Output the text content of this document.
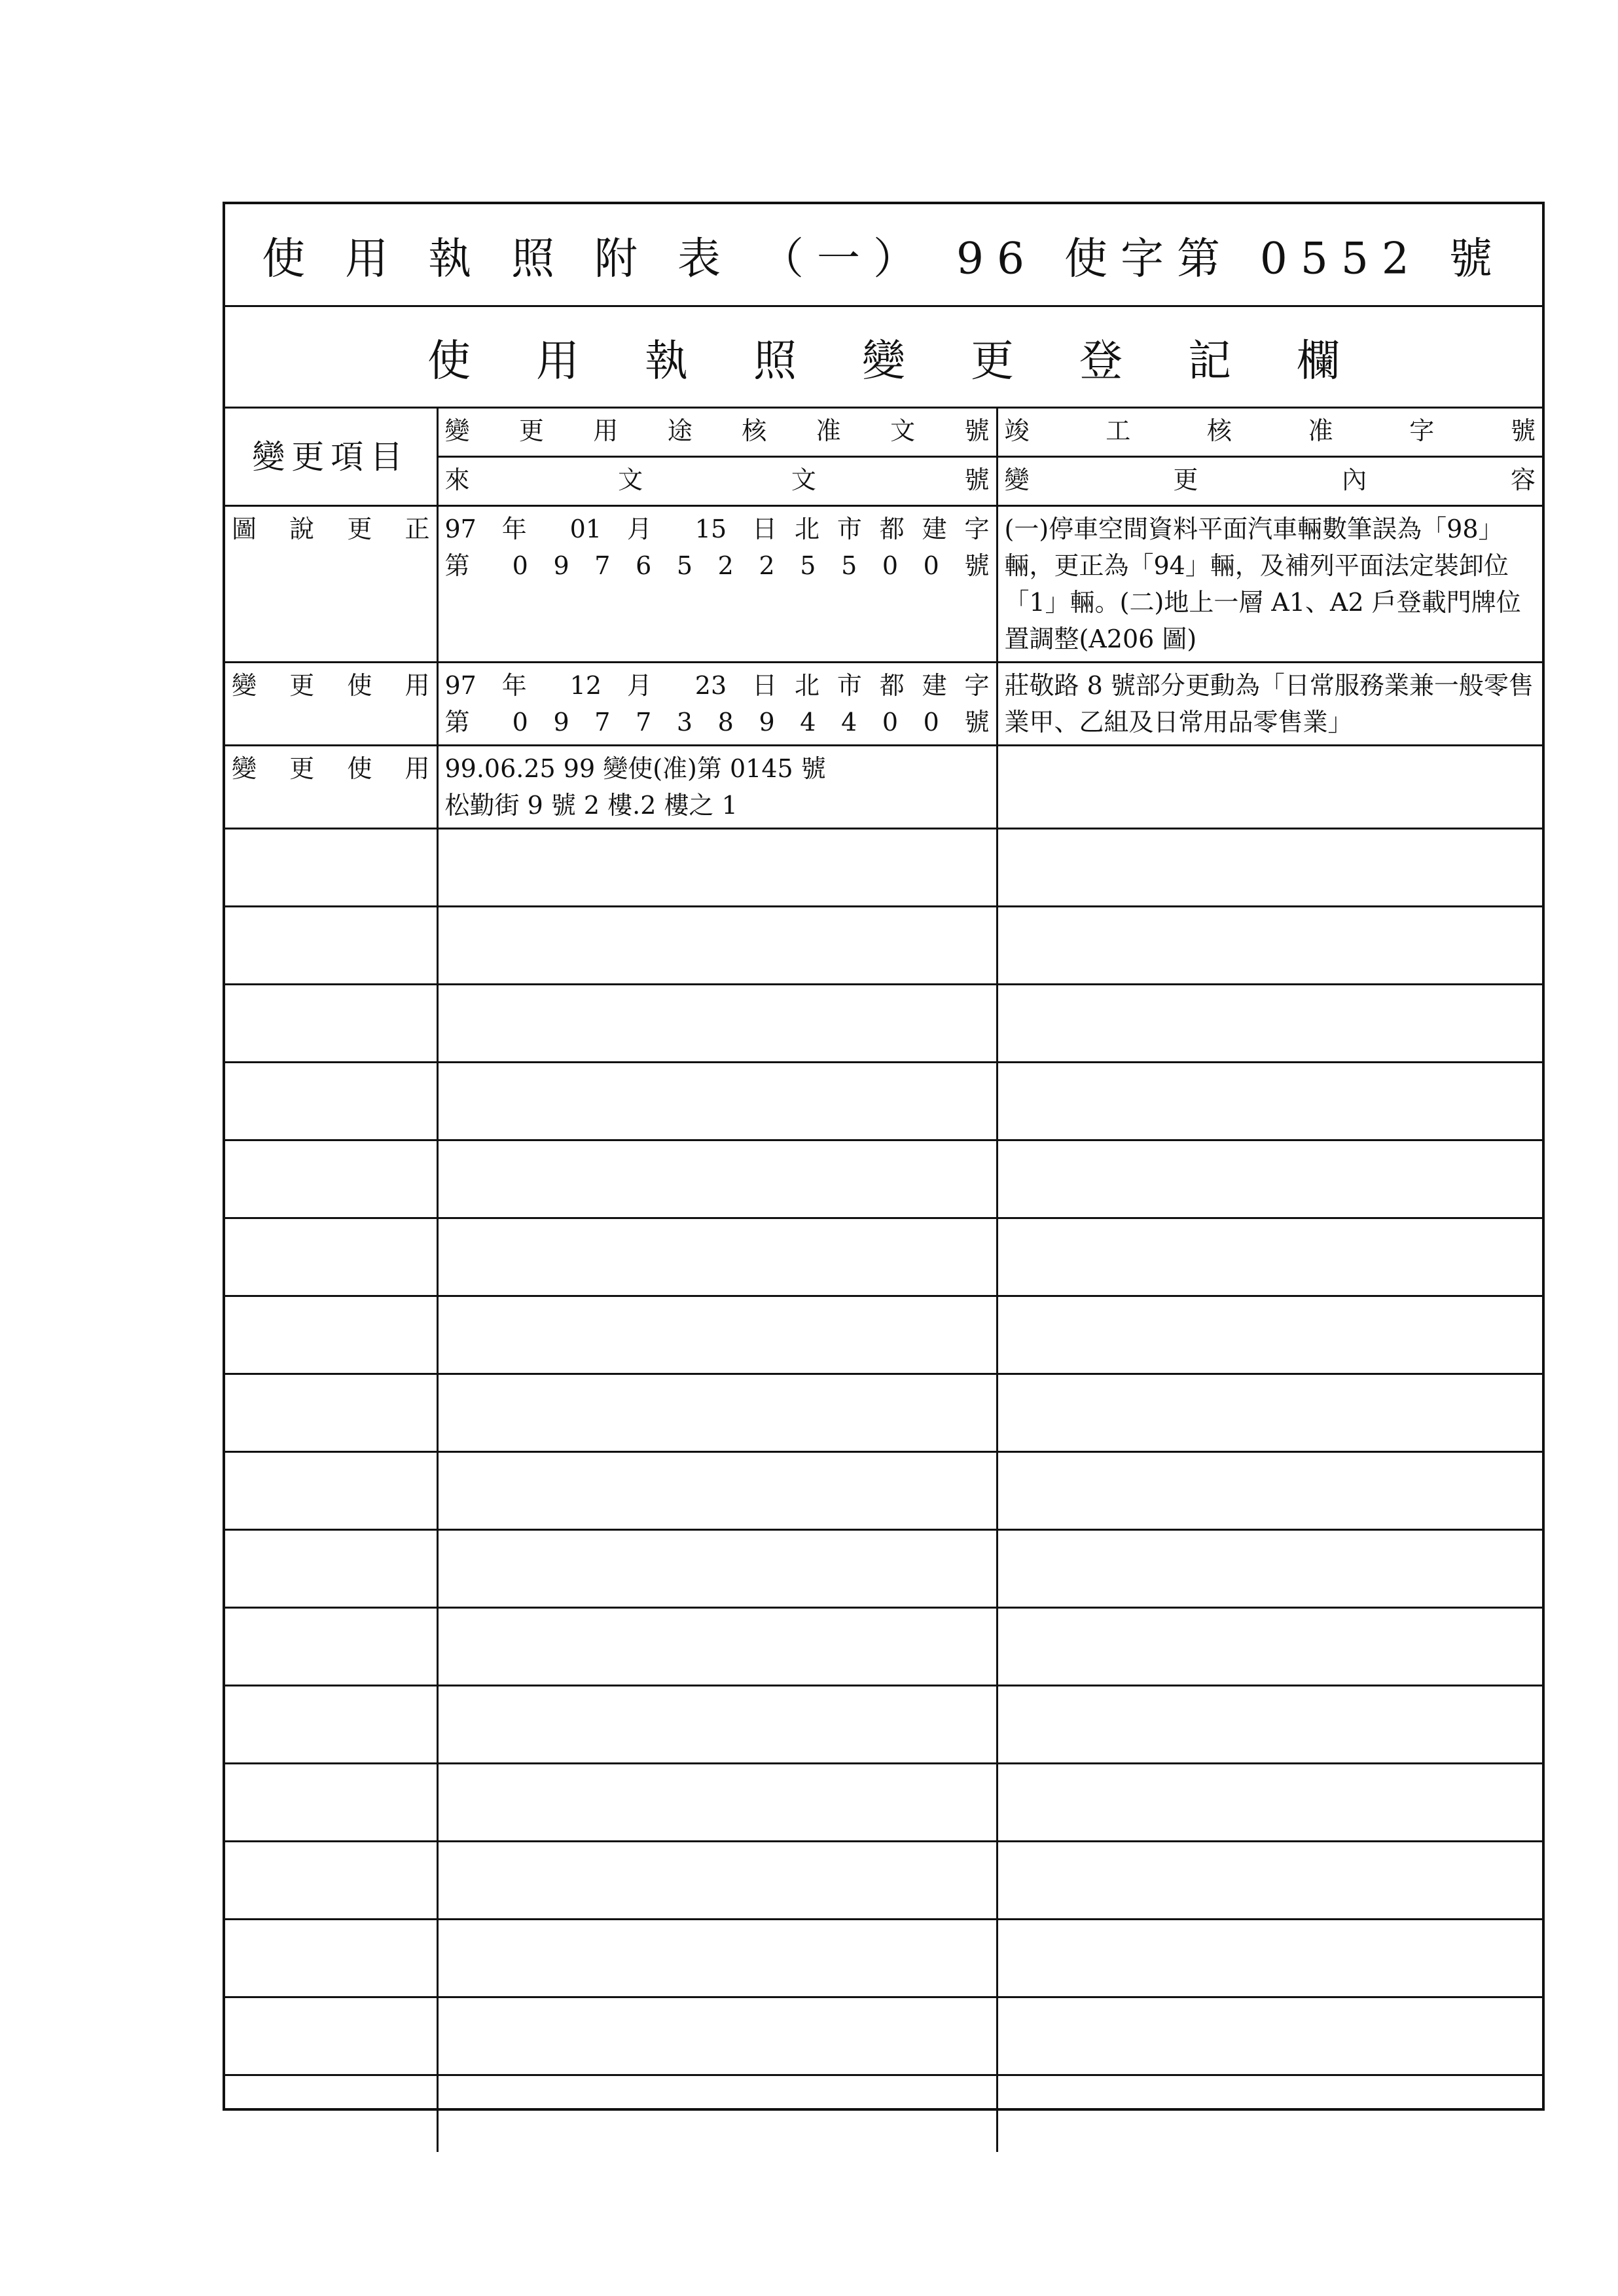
使 用 執 照 附 表 （一） 96 使字第 0552 號
使用執照變更登記欄
變更項目	變 更 用 途 核 准 文 號	竣 工 核 准 字 號

	來 文 文 號	變 更 內 容

圖 說 更 正	97 年 01 月 15 日北市都建字
第 0 9 7 6 5 2 2 5 5 0 0 號	(一)停車空間資料平面汽車輛數筆誤為「98」輛，更正為「94」輛，及補列平面法定裝卸位「1」輛。(二)地上一層 A1、A2 戶登載門牌位置調整(A206 圖)

變 更 使 用	97 年 12 月 23 日北市都建字
第 0 9 7 7 3 8 9 4 4 0 0 號	莊敬路 8 號部分更動為「日常服務業兼一般零售業甲、乙組及日常用品零售業」

變 更 使 用	99.06.25 99 變使(准)第 0145 號
松勤街 9 號 2 樓.2 樓之 1	
